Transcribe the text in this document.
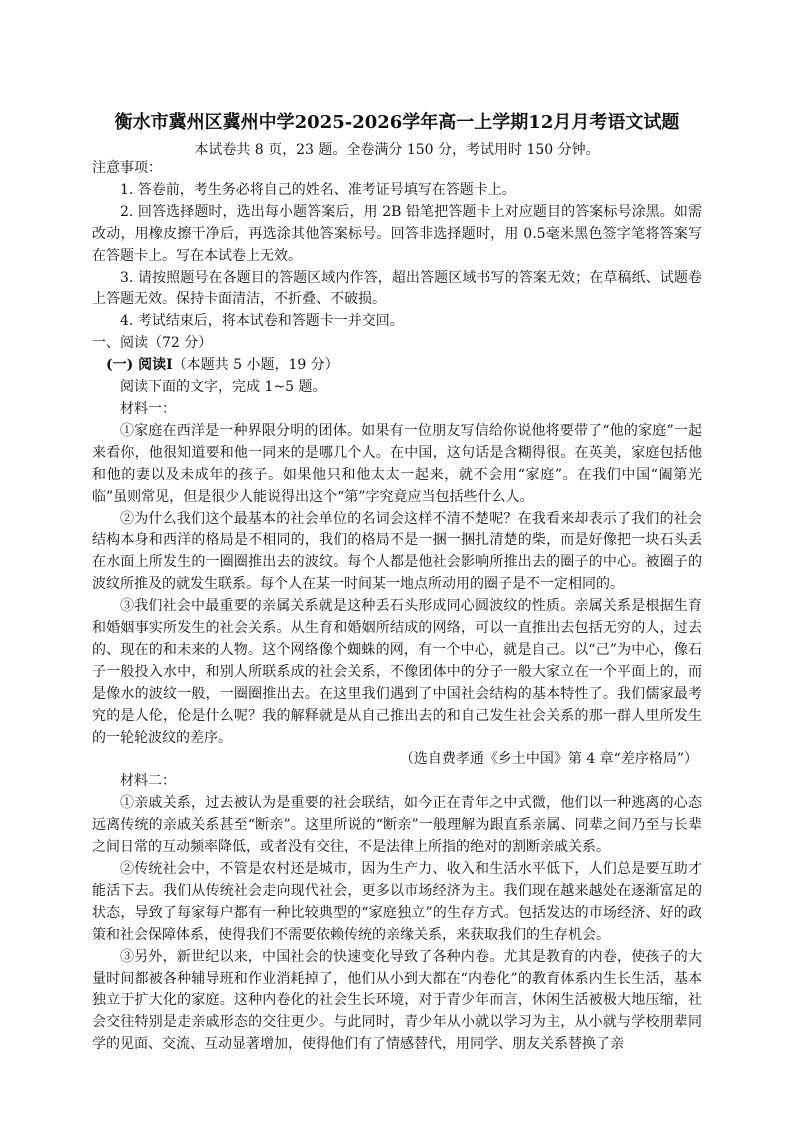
衡水市冀州区冀州中学2025-2026学年高一上学期12月月考语文试题
本试卷共 8 页，23 题。全卷满分 150 分，考试用时 150 分钟。

注意事项：

1. 答卷前，考生务必将自己的姓名、准考证号填写在答题卡上。

2. 回答选择题时，选出每小题答案后，用 2B 铅笔把答题卡上对应题目的答案标号涂黑。如需改动，用橡皮擦干净后，再选涂其他答案标号。回答非选择题时，用 0.5毫米黑色签字笔将答案写在答题卡上。写在本试卷上无效。

3. 请按照题号在各题目的答题区域内作答，超出答题区域书写的答案无效；在草稿纸、试题卷上答题无效。保持卡面清洁，不折叠、不破损。

4. 考试结束后，将本试卷和答题卡一并交回。

一、阅读（72 分）

(一) 阅读Ⅰ（本题共 5 小题，19 分）

阅读下面的文字，完成 1~5 题。

材料一：

①家庭在西洋是一种界限分明的团体。如果有一位朋友写信给你说他将要带了“他的家庭”一起来看你，他很知道要和他一同来的是哪几个人。在中国，这句话是含糊得很。在英美，家庭包括他和他的妻以及未成年的孩子。如果他只和他太太一起来，就不会用“家庭”。在我们中国“阖第光临”虽则常见，但是很少人能说得出这个“第”字究竟应当包括些什么人。

②为什么我们这个最基本的社会单位的名词会这样不清不楚呢？在我看来却表示了我们的社会结构本身和西洋的格局是不相同的，我们的格局不是一捆一捆扎清楚的柴，而是好像把一块石头丢在水面上所发生的一圈圈推出去的波纹。每个人都是他社会影响所推出去的圈子的中心。被圈子的波纹所推及的就发生联系。每个人在某一时间某一地点所动用的圈子是不一定相同的。

③我们社会中最重要的亲属关系就是这种丢石头形成同心圆波纹的性质。亲属关系是根据生育和婚姻事实所发生的社会关系。从生育和婚姻所结成的网络，可以一直推出去包括无穷的人，过去的、现在的和未来的人物。这个网络像个蜘蛛的网，有一个中心，就是自己。以“己”为中心，像石子一般投入水中，和别人所联系成的社会关系，不像团体中的分子一般大家立在一个平面上的，而是像水的波纹一般，一圈圈推出去。在这里我们遇到了中国社会结构的基本特性了。我们儒家最考究的是人伦，伦是什么呢？我的解释就是从自己推出去的和自己发生社会关系的那一群人里所发生的一轮轮波纹的差序。

（选自费孝通《乡土中国》第 4 章“差序格局”）

材料二：

①亲戚关系，过去被认为是重要的社会联结，如今正在青年之中式微，他们以一种逃离的心态远离传统的亲戚关系甚至“断亲”。这里所说的“断亲”一般理解为跟直系亲属、同辈之间乃至与长辈之间日常的互动频率降低，或者没有交往，不是法律上所指的绝对的割断亲戚关系。

②传统社会中，不管是农村还是城市，因为生产力、收入和生活水平低下，人们总是要互助才能活下去。我们从传统社会走向现代社会，更多以市场经济为主。我们现在越来越处在逐渐富足的状态，导致了每家每户都有一种比较典型的“家庭独立”的生存方式。包括发达的市场经济、好的政策和社会保障体系，使得我们不需要依赖传统的亲缘关系，来获取我们的生存机会。

③另外，新世纪以来，中国社会的快速变化导致了各种内卷。尤其是教育的内卷，使孩子的大量时间都被各种辅导班和作业消耗掉了，他们从小到大都在“内卷化”的教育体系内生长生活，基本独立于扩大化的家庭。这种内卷化的社会生长环境，对于青少年而言，休闲生活被极大地压缩，社会交往特别是走亲戚形态的交往更少。与此同时，青少年从小就以学习为主，从小就与学校朋辈同学的见面、交流、互动显著增加，使得他们有了情感替代，用同学、朋友关系替换了亲
